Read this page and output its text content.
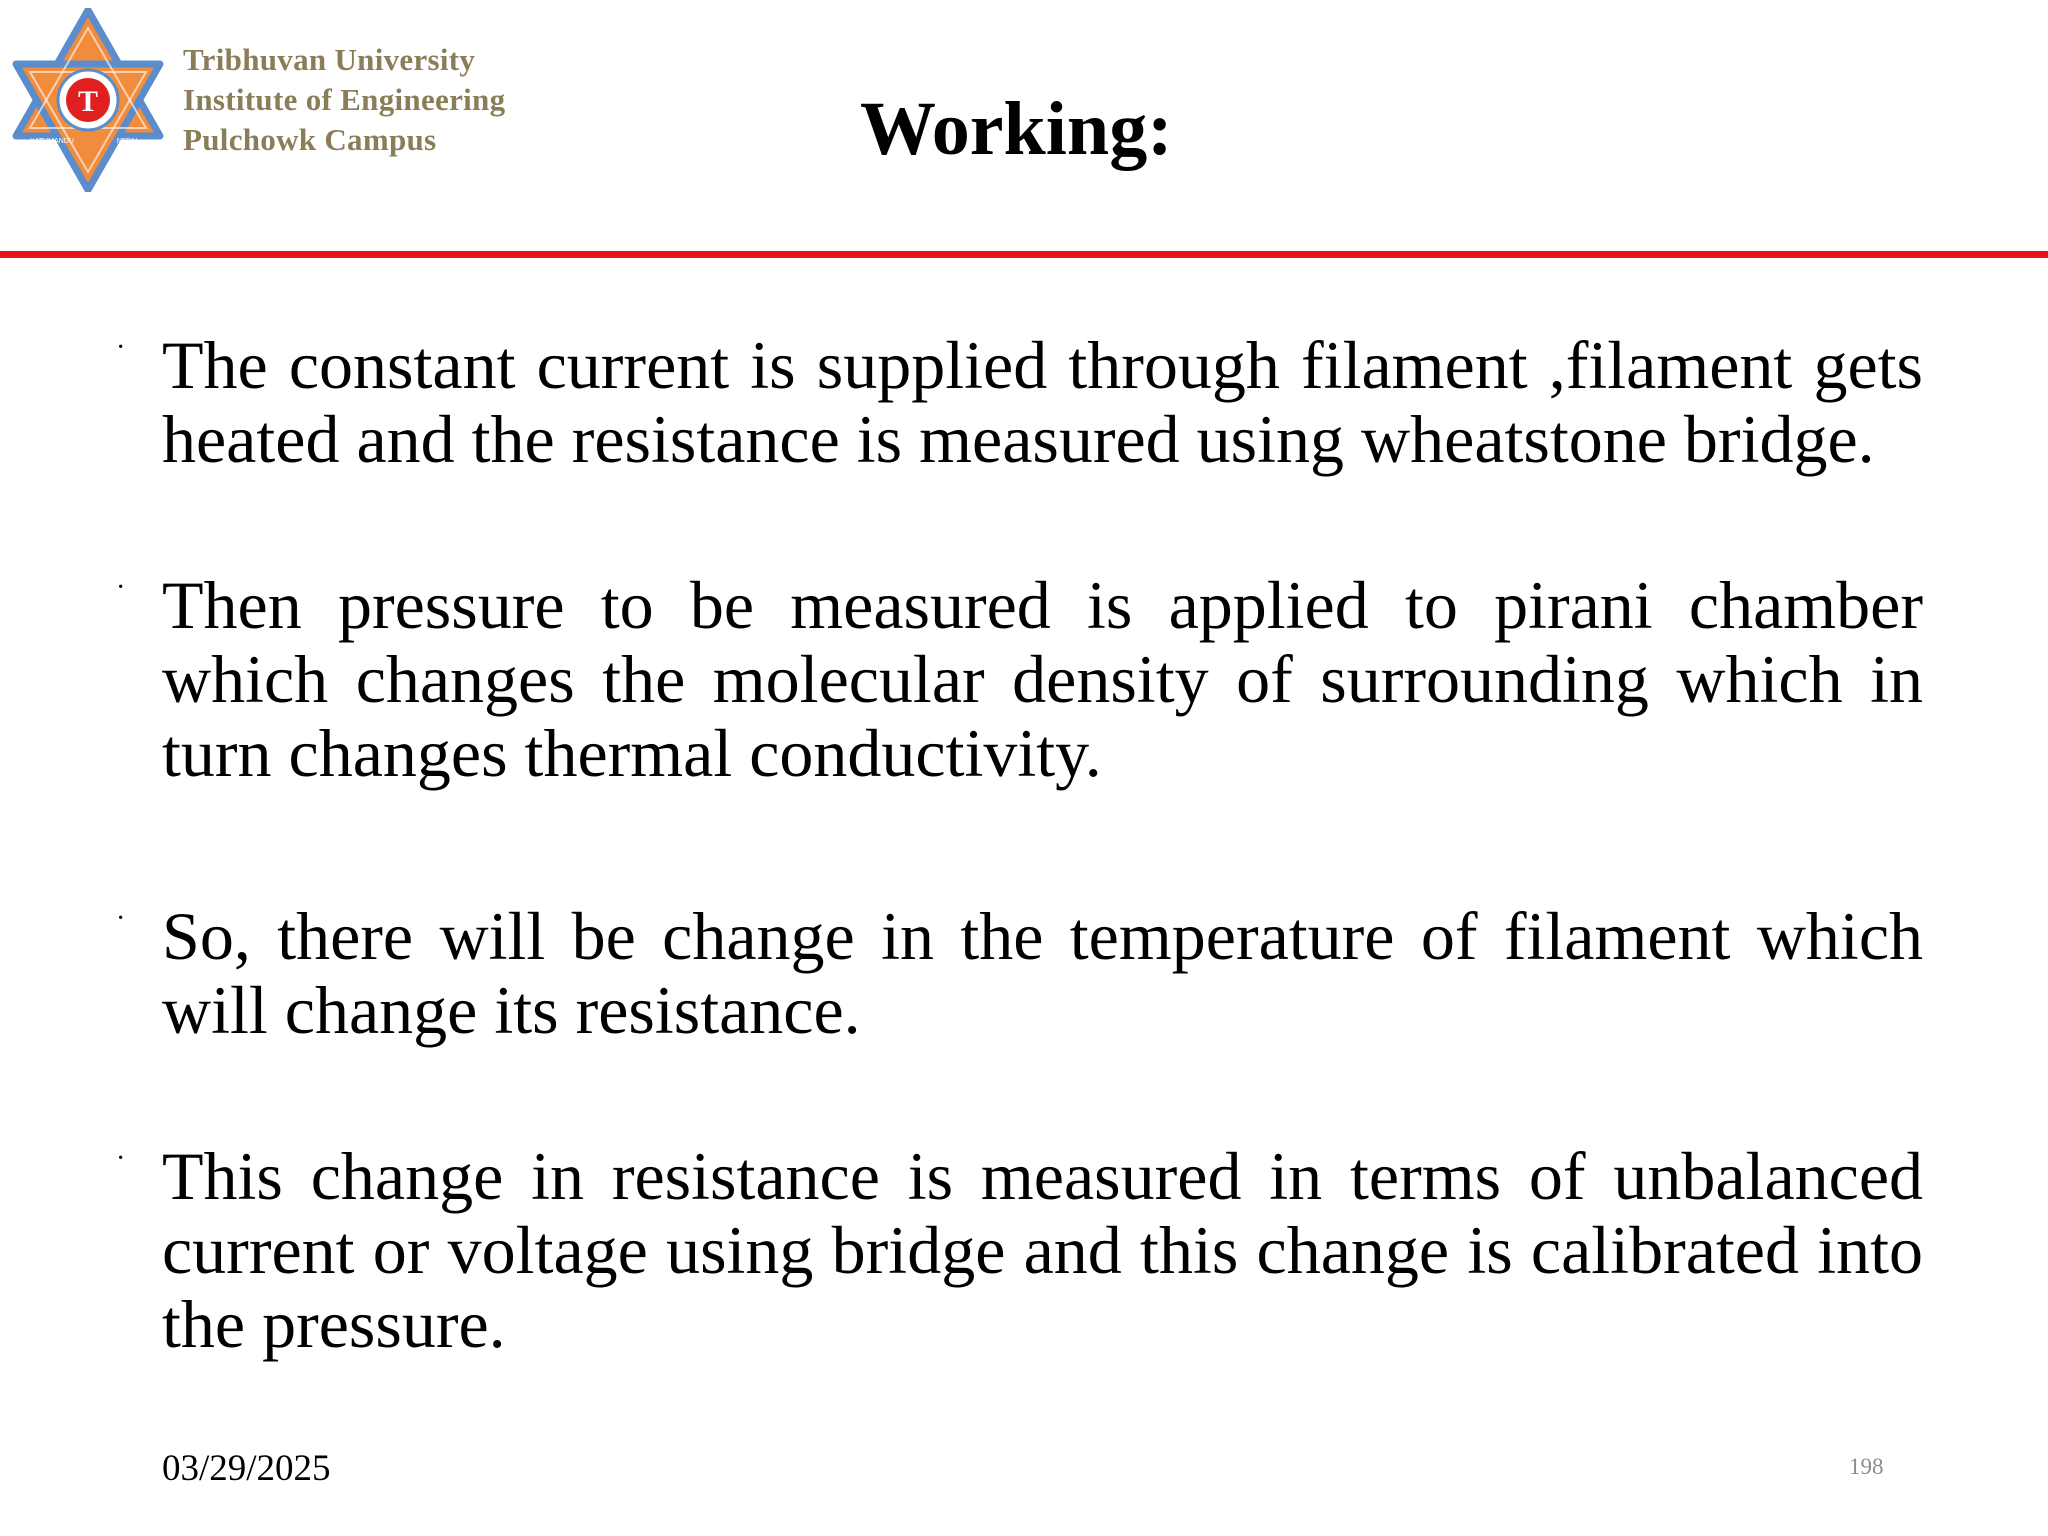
T
KATHMANDU	NEPAL
Tribhuvan University
Institute of Engineering
Pulchowk Campus	Working:
· The constant current is supplied through filament ,filament gets heated and the resistance is measured using wheatstone bridge.
· Then pressure to be measured is applied to pirani chamber which changes the molecular density of surrounding which in turn changes thermal conductivity.
· So, there will be change in the temperature of filament which will change its resistance.
· This change in resistance is measured in terms of unbalanced current or voltage using bridge and this change is calibrated into the pressure.
03/29/2025	198
